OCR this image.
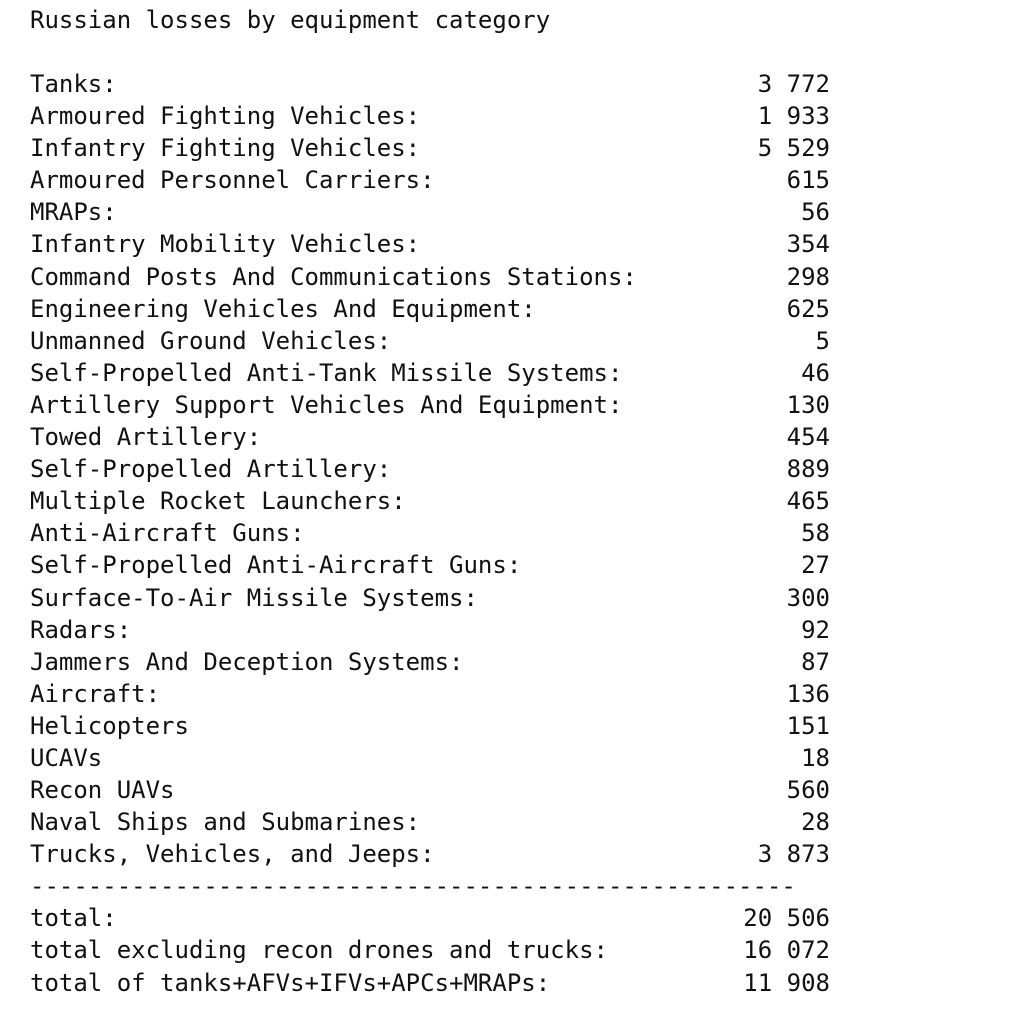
Russian losses by equipment category
Tanks:	3 772
Armoured Fighting Vehicles:	1 933
Infantry Fighting Vehicles:	5 529
Armoured Personnel Carriers:	615
MRAPs:	56
Infantry Mobility Vehicles:	354
Command Posts And Communications Stations:	298
Engineering Vehicles And Equipment:	625
Unmanned Ground Vehicles:	5
Self-Propelled Anti-Tank Missile Systems:	46
Artillery Support Vehicles And Equipment:	130
Towed Artillery:	454
Self-Propelled Artillery:	889
Multiple Rocket Launchers:	465
Anti-Aircraft Guns:	58
Self-Propelled Anti-Aircraft Guns:	27
Surface-To-Air Missile Systems:	300
Radars:	92
Jammers And Deception Systems:	87
Aircraft:	136
Helicopters	151
UCAVs	18
Recon UAVs	560
Naval Ships and Submarines:	28
Trucks, Vehicles, and Jeeps:	3 873
-----------------------------------------------------
total:	20 506
total excluding recon drones and trucks:	16 072
total of tanks+AFVs+IFVs+APCs+MRAPs:	11 908
